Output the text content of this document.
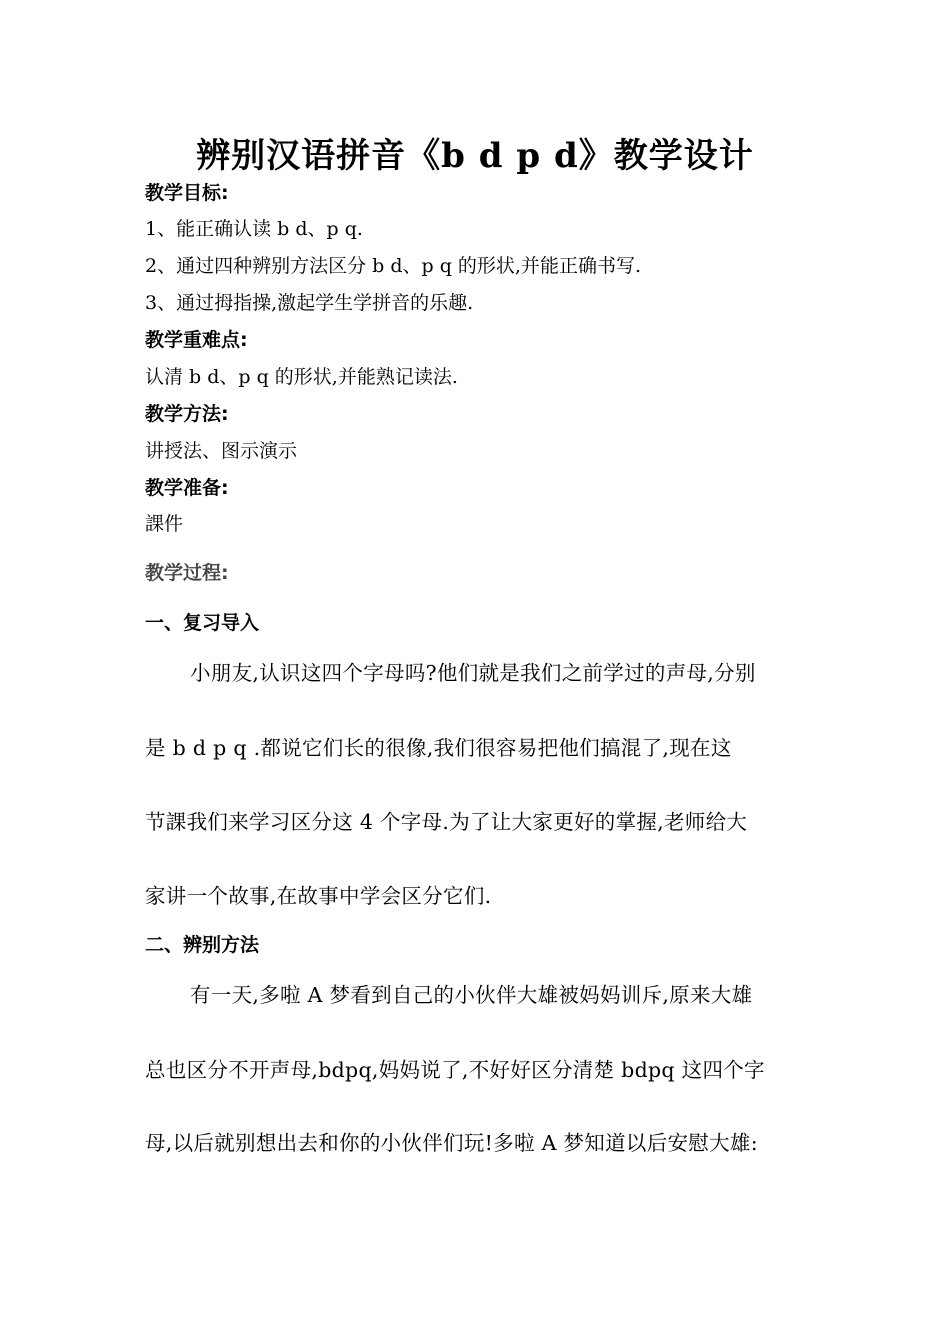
辨别汉语拼音《b d p d》教学设计
教学目标:
1、能正确认读 b d、p q.
2、通过四种辨别方法区分 b d、p q 的形状,并能正确书写.
3、通过拇指操,激起学生学拼音的乐趣.
教学重难点:
认清 b d、p q 的形状,并能熟记读法.
教学方法:
讲授法、图示演示
教学准备:
課件
教学过程:
一、复习导入
小朋友,认识这四个字母吗?他们就是我们之前学过的声母,分别
是 b d p q .都说它们长的很像,我们很容易把他们搞混了,现在这
节課我们来学习区分这 4 个字母.为了让大家更好的掌握,老师给大
家讲一个故事,在故事中学会区分它们.
二、辨别方法
有一天,多啦 A 梦看到自己的小伙伴大雄被妈妈训斥,原来大雄
总也区分不开声母,bdpq,妈妈说了,不好好区分清楚 bdpq 这四个字
母,以后就别想出去和你的小伙伴们玩!多啦 A 梦知道以后安慰大雄:
